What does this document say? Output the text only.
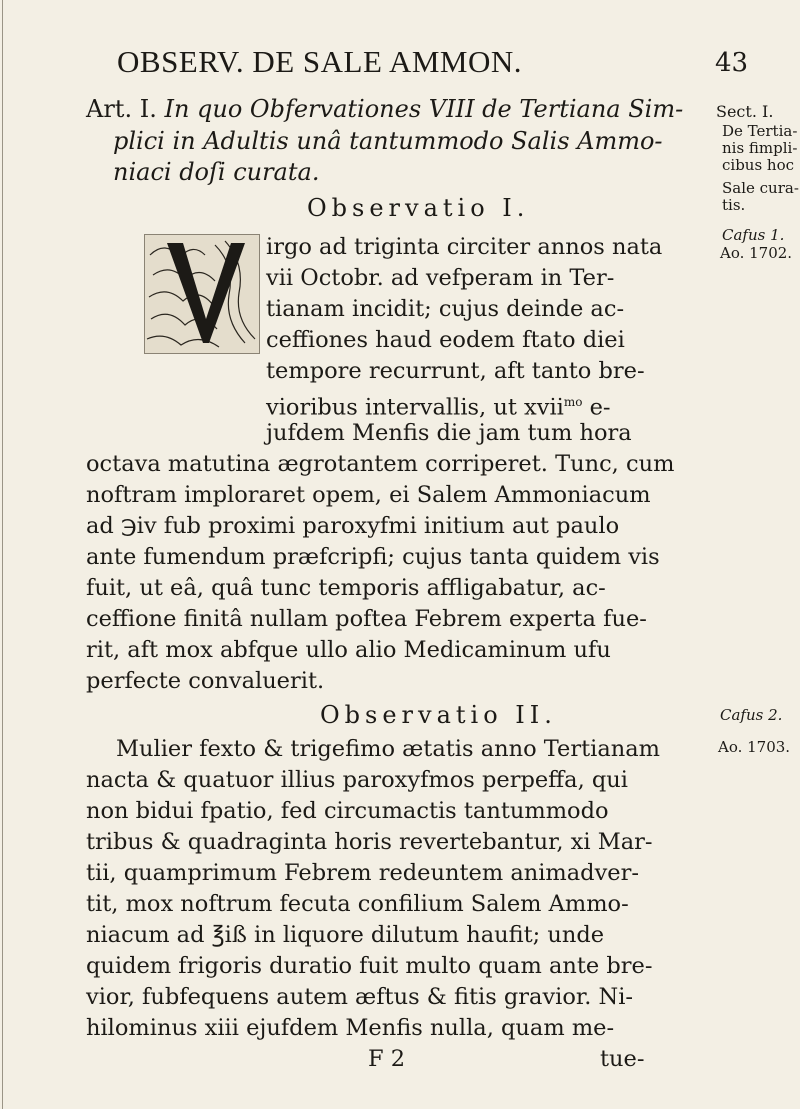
OBSERV. DE SALE AMMON.	43
Art. I. In quo Obfervationes VIII de Tertiana Sim-
plici in Adultis unâ tantummodo Salis Ammo-
niaci doſi curata.
Observatio I.
irgo ad triginta circiter annos nata
vii Octobr. ad vefperam in Ter-
tianam incidit; cujus deinde ac-
ceffiones haud eodem ftato diei
tempore recurrunt, aft tanto bre-
vioribus intervallis, ut xvii$^{mo}$ e-
jufdem Menfis die jam tum hora
octava matutina ægrotantem corriperet. Tunc, cum
noftram imploraret opem, ei Salem Ammoniacum
ad ℈iv fub proximi paroxyfmi initium aut paulo
ante fumendum præfcripfi; cujus tanta quidem vis
fuit, ut eâ, quâ tunc temporis affligabatur, ac-
ceffione finitâ nullam poftea Febrem experta fue-
rit, aft mox abfque ullo alio Medicaminum ufu
perfecte convaluerit.
Observatio II.
Mulier fexto & trigefimo ætatis anno Tertianam
nacta & quatuor illius paroxyfmos perpeffa, qui
non bidui fpatio, fed circumactis tantummodo
tribus & quadraginta horis revertebantur, xi Mar-
tii, quamprimum Febrem redeuntem animadver-
tit, mox noftrum fecuta confilium Salem Ammo-
niacum ad ℥iß in liquore dilutum haufit; unde
quidem frigoris duratio fuit multo quam ante bre-
vior, fubfequens autem æftus & fitis gravior. Ni-
hilominus xiii ejufdem Menfis nulla, quam me-
F 2	tue-
Sect. I.
De Tertia-
nis fimpli-
cibus hoc
Sale cura-
tis.
Cafus 1.
Ao. 1702.
Cafus 2.
Ao. 1703.
